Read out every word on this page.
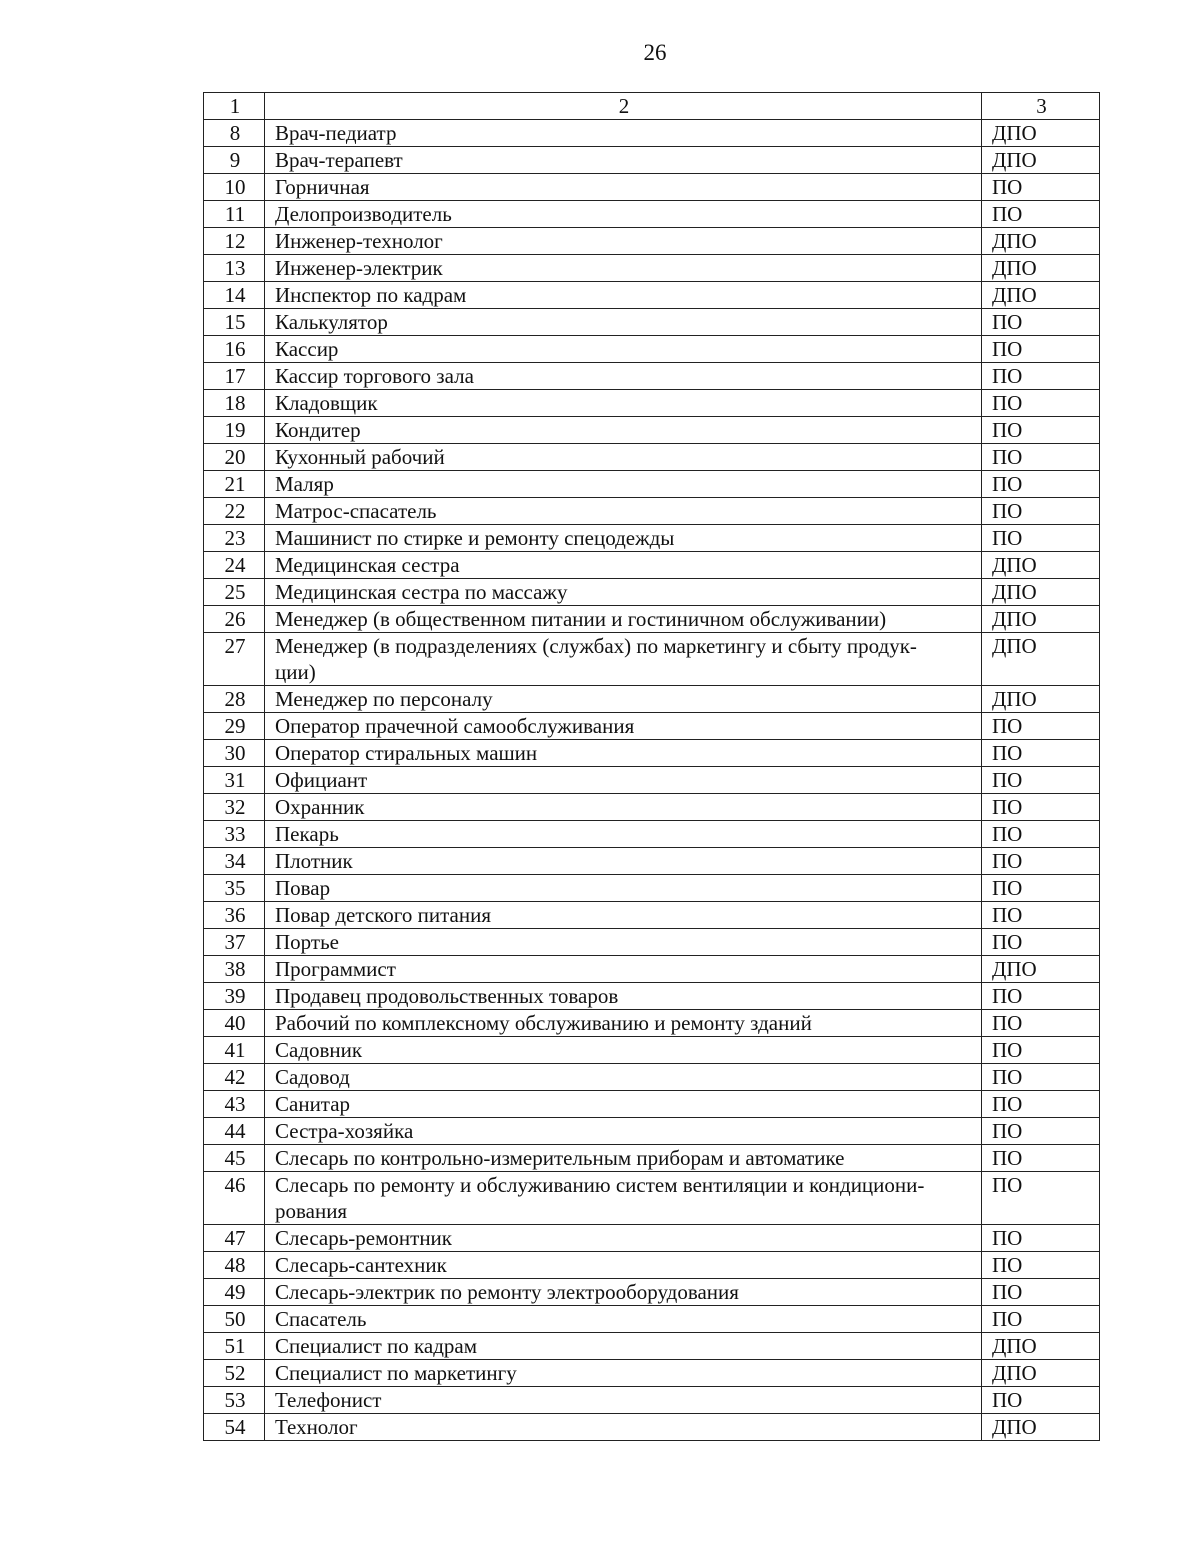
26
1	2	3
8	Врач-педиатр	ДПО
9	Врач-терапевт	ДПО
10	Горничная	ПО
11	Делопроизводитель	ПО
12	Инженер-технолог	ДПО
13	Инженер-электрик	ДПО
14	Инспектор по кадрам	ДПО
15	Калькулятор	ПО
16	Кассир	ПО
17	Кассир торгового зала	ПО
18	Кладовщик	ПО
19	Кондитер	ПО
20	Кухонный рабочий	ПО
21	Маляр	ПО
22	Матрос-спасатель	ПО
23	Машинист по стирке и ремонту спецодежды	ПО
24	Медицинская сестра	ДПО
25	Медицинская сестра по массажу	ДПО
26	Менеджер (в общественном питании и гостиничном обслуживании)	ДПО
27	Менеджер (в подразделениях (службах) по маркетингу и сбыту продук-
ции)	ДПО
28	Менеджер по персоналу	ДПО
29	Оператор прачечной самообслуживания	ПО
30	Оператор стиральных машин	ПО
31	Официант	ПО
32	Охранник	ПО
33	Пекарь	ПО
34	Плотник	ПО
35	Повар	ПО
36	Повар детского питания	ПО
37	Портье	ПО
38	Программист	ДПО
39	Продавец продовольственных товаров	ПО
40	Рабочий по комплексному обслуживанию и ремонту зданий	ПО
41	Садовник	ПО
42	Садовод	ПО
43	Санитар	ПО
44	Сестра-хозяйка	ПО
45	Слесарь по контрольно-измерительным приборам и автоматике	ПО
46	Слесарь по ремонту и обслуживанию систем вентиляции и кондициони-
рования	ПО
47	Слесарь-ремонтник	ПО
48	Слесарь-сантехник	ПО
49	Слесарь-электрик по ремонту электрооборудования	ПО
50	Спасатель	ПО
51	Специалист по кадрам	ДПО
52	Специалист по маркетингу	ДПО
53	Телефонист	ПО
54	Технолог	ДПО
